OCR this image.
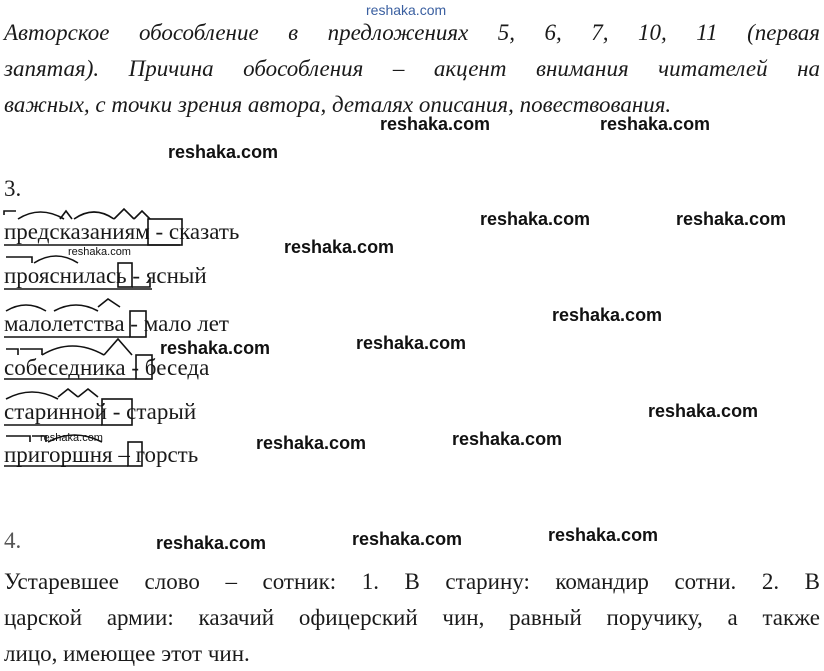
reshaka.com
Авторское обособление в предложениях 5, 6, 7, 10, 11 (первая
запятая). Причина обособления – акцент внимания читателей на
важных, с точки зрения автора, деталях описания, повествования.
reshaka.com	reshaka.com
reshaka.com
3.
предсказаниям - сказать
reshaka.com
прояснилась - ясный
малолетства - мало лет
собеседника - беседа
старинной - старый
reshaka.com
пригоршня – горсть
reshaka.com	reshaka.com
reshaka.com
reshaka.com
reshaka.com	reshaka.com
reshaka.com
reshaka.com	reshaka.com
4.	reshaka.com	reshaka.com	reshaka.com
Устаревшее слово – сотник: 1. В старину: командир сотни. 2. В
царской армии: казачий офицерский чин, равный поручику, а также
лицо, имеющее этот чин.
